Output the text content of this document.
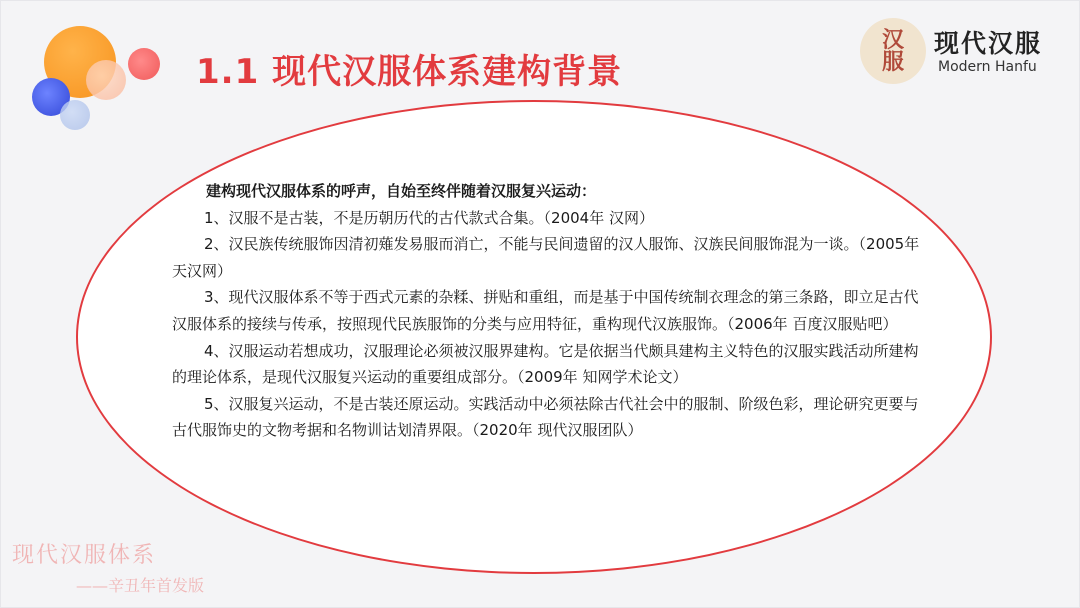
1.1 现代汉服体系建构背景
汉
服
现代汉服
Modern Hanfu

建构现代汉服体系的呼声，自始至终伴随着汉服复兴运动：

1、汉服不是古装，不是历朝历代的古代款式合集。（2004年 汉网）

2、汉民族传统服饰因清初薙发易服而消亡，不能与民间遗留的汉人服饰、汉族民间服饰混为一谈。（2005年 天汉网）

3、现代汉服体系不等于西式元素的杂糅、拼贴和重组，而是基于中国传统制衣理念的第三条路，即立足古代汉服体系的接续与传承，按照现代民族服饰的分类与应用特征，重构现代汉族服饰。（2006年 百度汉服贴吧）

4、汉服运动若想成功，汉服理论必须被汉服界建构。它是依据当代颇具建构主义特色的汉服实践活动所建构的理论体系，是现代汉服复兴运动的重要组成部分。（2009年 知网学术论文）

5、汉服复兴运动，不是古装还原运动。实践活动中必须祛除古代社会中的服制、阶级色彩，理论研究更要与古代服饰史的文物考据和名物训诂划清界限。（2020年 现代汉服团队）

现代汉服体系
——辛丑年首发版
